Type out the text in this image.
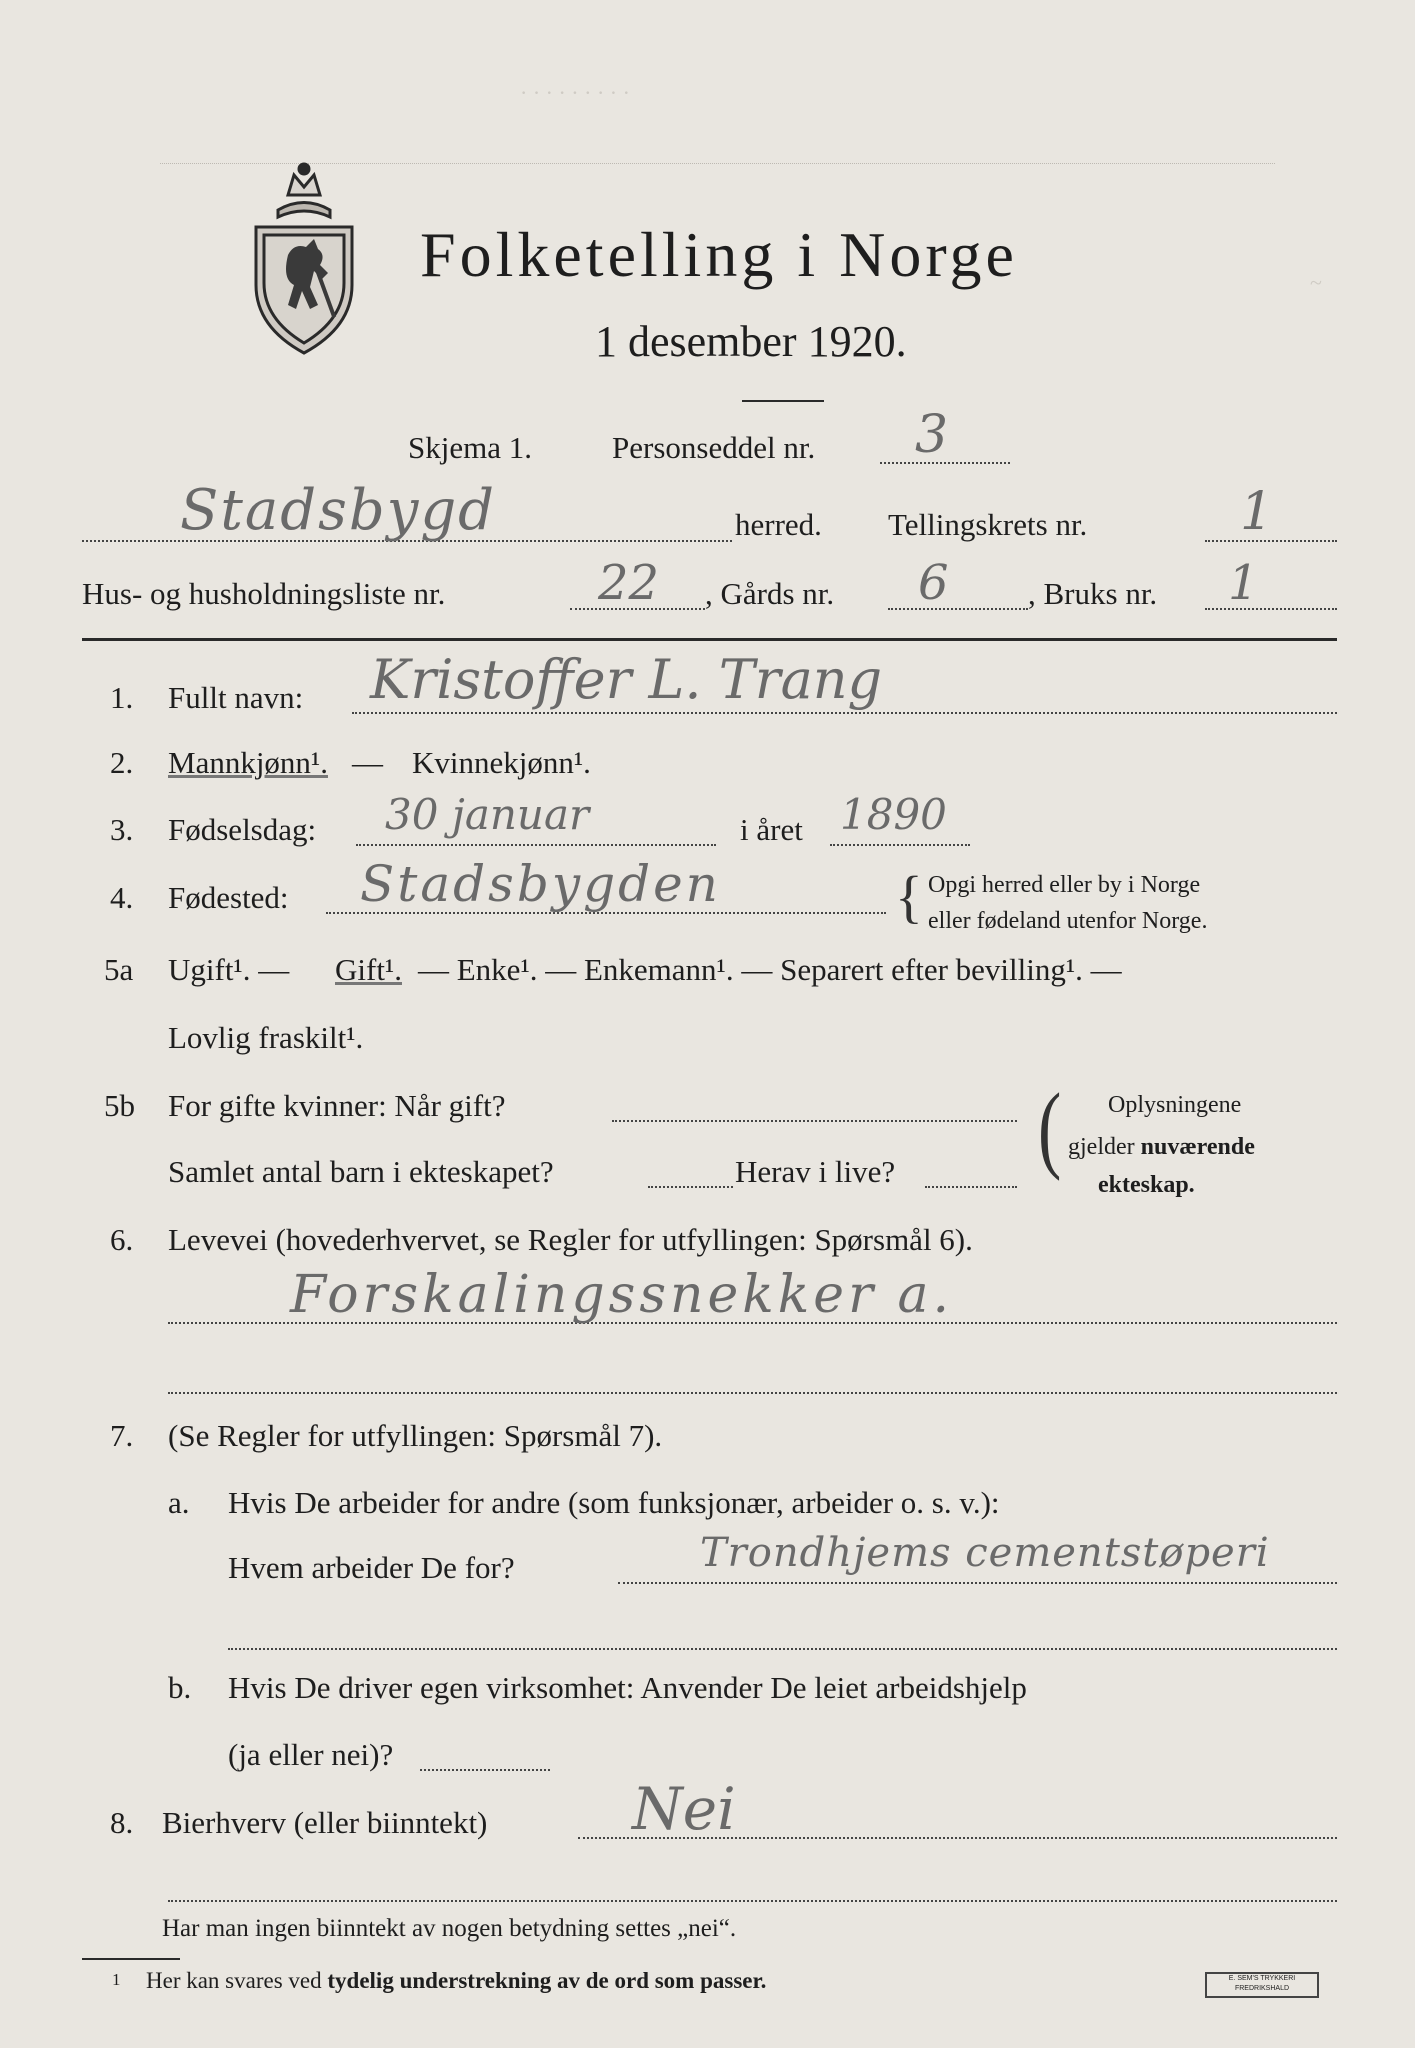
· · · · · · · · ·
~
Folketelling i Norge
1 desember 1920.
Skjema 1.	Personseddel nr. 3
Stadsbygd	herred. Tellingskrets nr.	1
Hus- og husholdningsliste nr.	22 , Gårds nr. 6	, Bruks nr. 1
1. Fullt navn: Kristoffer L. Trang
2. Mannkjønn¹. — Kvinnekjønn¹.
3. Fødselsdag: 30 januar	i året 1890
4. Fødested: Stadsbygden	{ Opgi herred eller by i Norge
eller fødeland utenfor Norge.
5a Ugift¹. — Gift¹. — Enke¹. — Enkemann¹. — Separert efter bevilling¹. —
Lovlig fraskilt¹.
5b For gifte kvinner: Når gift?
Samlet antal barn i ekteskapet?	Herav i live? ( Oplysningene
gjelder nuværende
ekteskap.
6. Levevei (hovederhvervet, se Regler for utfyllingen: Spørsmål 6).
Forskalingssnekker a.
7. (Se Regler for utfyllingen: Spørsmål 7).
a. Hvis De arbeider for andre (som funksjonær, arbeider o. s. v.):
Hvem arbeider De for?	Trondhjems cementstøperi
b. Hvis De driver egen virksomhet: Anvender De leiet arbeidshjelp
(ja eller nei)?
8. Bierhverv (eller biinntekt) Nei
Har man ingen biinntekt av nogen betydning settes „nei“.
1 Her kan svares ved tydelig understrekning av de ord som passer.	E. SEM'S TRYKKERI FREDRIKSHALD
